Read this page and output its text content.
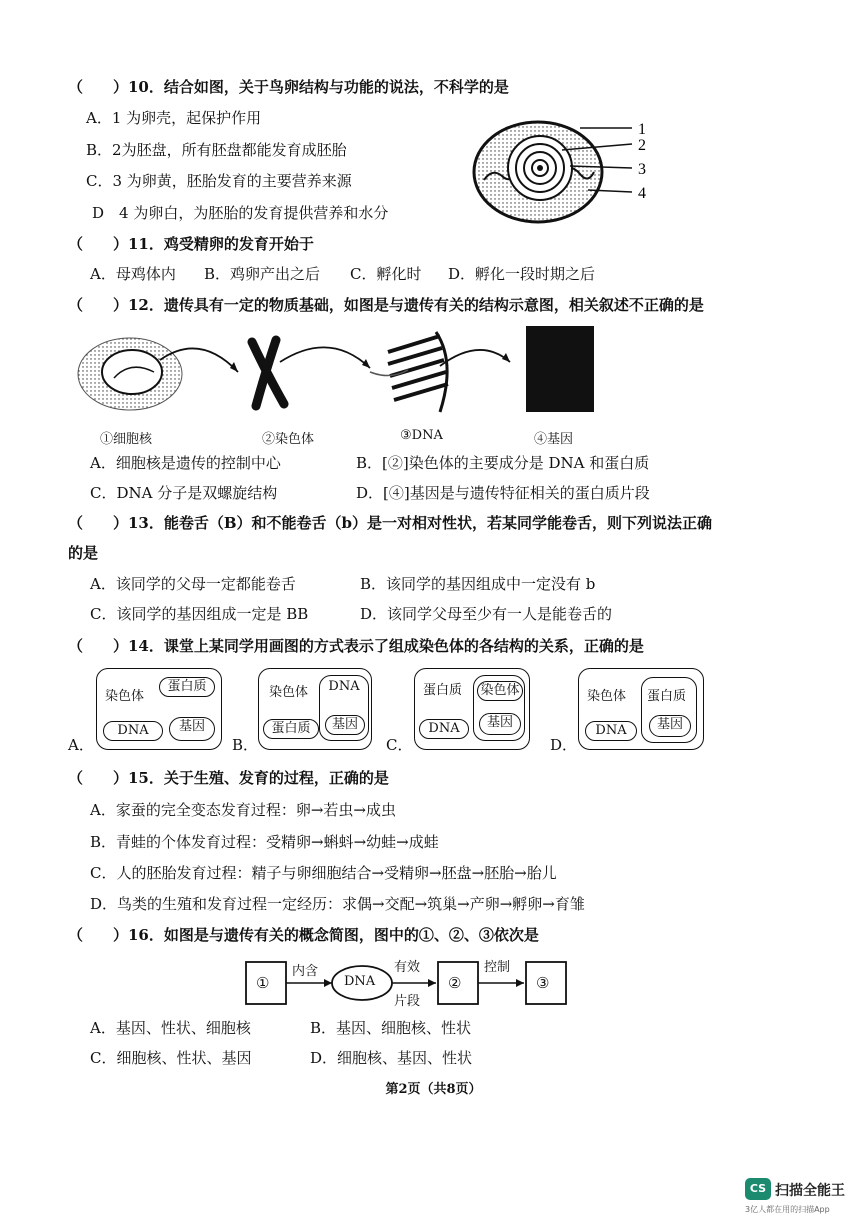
（　　）10．结合如图，关于鸟卵结构与功能的说法，不科学的是
A．1 为卵壳，起保护作用
B．2为胚盘，所有胚盘都能发育成胚胎
C．3 为卵黄，胚胎发育的主要营养来源
D　4 为卵白，为胚胎的发育提供营养和水分
1
2
3
4
（　　）11．鸡受精卵的发育开始于
A．母鸡体内 B．鸡卵产出之后 C．孵化时 D．孵化一段时期之后
（　　）12．遗传具有一定的物质基础，如图是与遗传有关的结构示意图，相关叙述不正确的是
①细胞核	②染色体	③DNA	④基因
A．细胞核是遗传的控制中心	B．[②]染色体的主要成分是 DNA 和蛋白质
C．DNA 分子是双螺旋结构	D．[④]基因是与遗传特征相关的蛋白质片段
（　　）13．能卷舌（B）和不能卷舌（b）是一对相对性状，若某同学能卷舌，则下列说法正确
的是
A．该同学的父母一定都能卷舌	B．该同学的基因组成中一定没有 b
C．该同学的基因组成一定是 BB	D．该同学父母至少有一人是能卷舌的
（　　）14．课堂上某同学用画图的方式表示了组成染色体的各结构的关系，正确的是
A．
染色体
蛋白质
DNA	基因
B．
染色体	DNA
蛋白质	基因
C．
蛋白质 染色体
DNA	基因
D．
染色体 蛋白质
DNA	基因
（　　）15．关于生殖、发育的过程，正确的是
A．家蚕的完全变态发育过程：卵→若虫→成虫
B．青蛙的个体发育过程：受精卵→蝌蚪→幼蛙→成蛙
C．人的胚胎发育过程：精子与卵细胞结合→受精卵→胚盘→胚胎→胎儿
D．鸟类的生殖和发育过程一定经历：求偶→交配→筑巢→产卵→孵卵→育雏
（　　）16．如图是与遗传有关的概念简图，图中的①、②、③依次是
①
内含
DNA
有效
片段
②
控制
③
A．基因、性状、细胞核	B．基因、细胞核、性状
C．细胞核、性状、基因	D．细胞核、基因、性状
第2页（共8页）
CS 扫描全能王
3亿人都在用的扫描App
